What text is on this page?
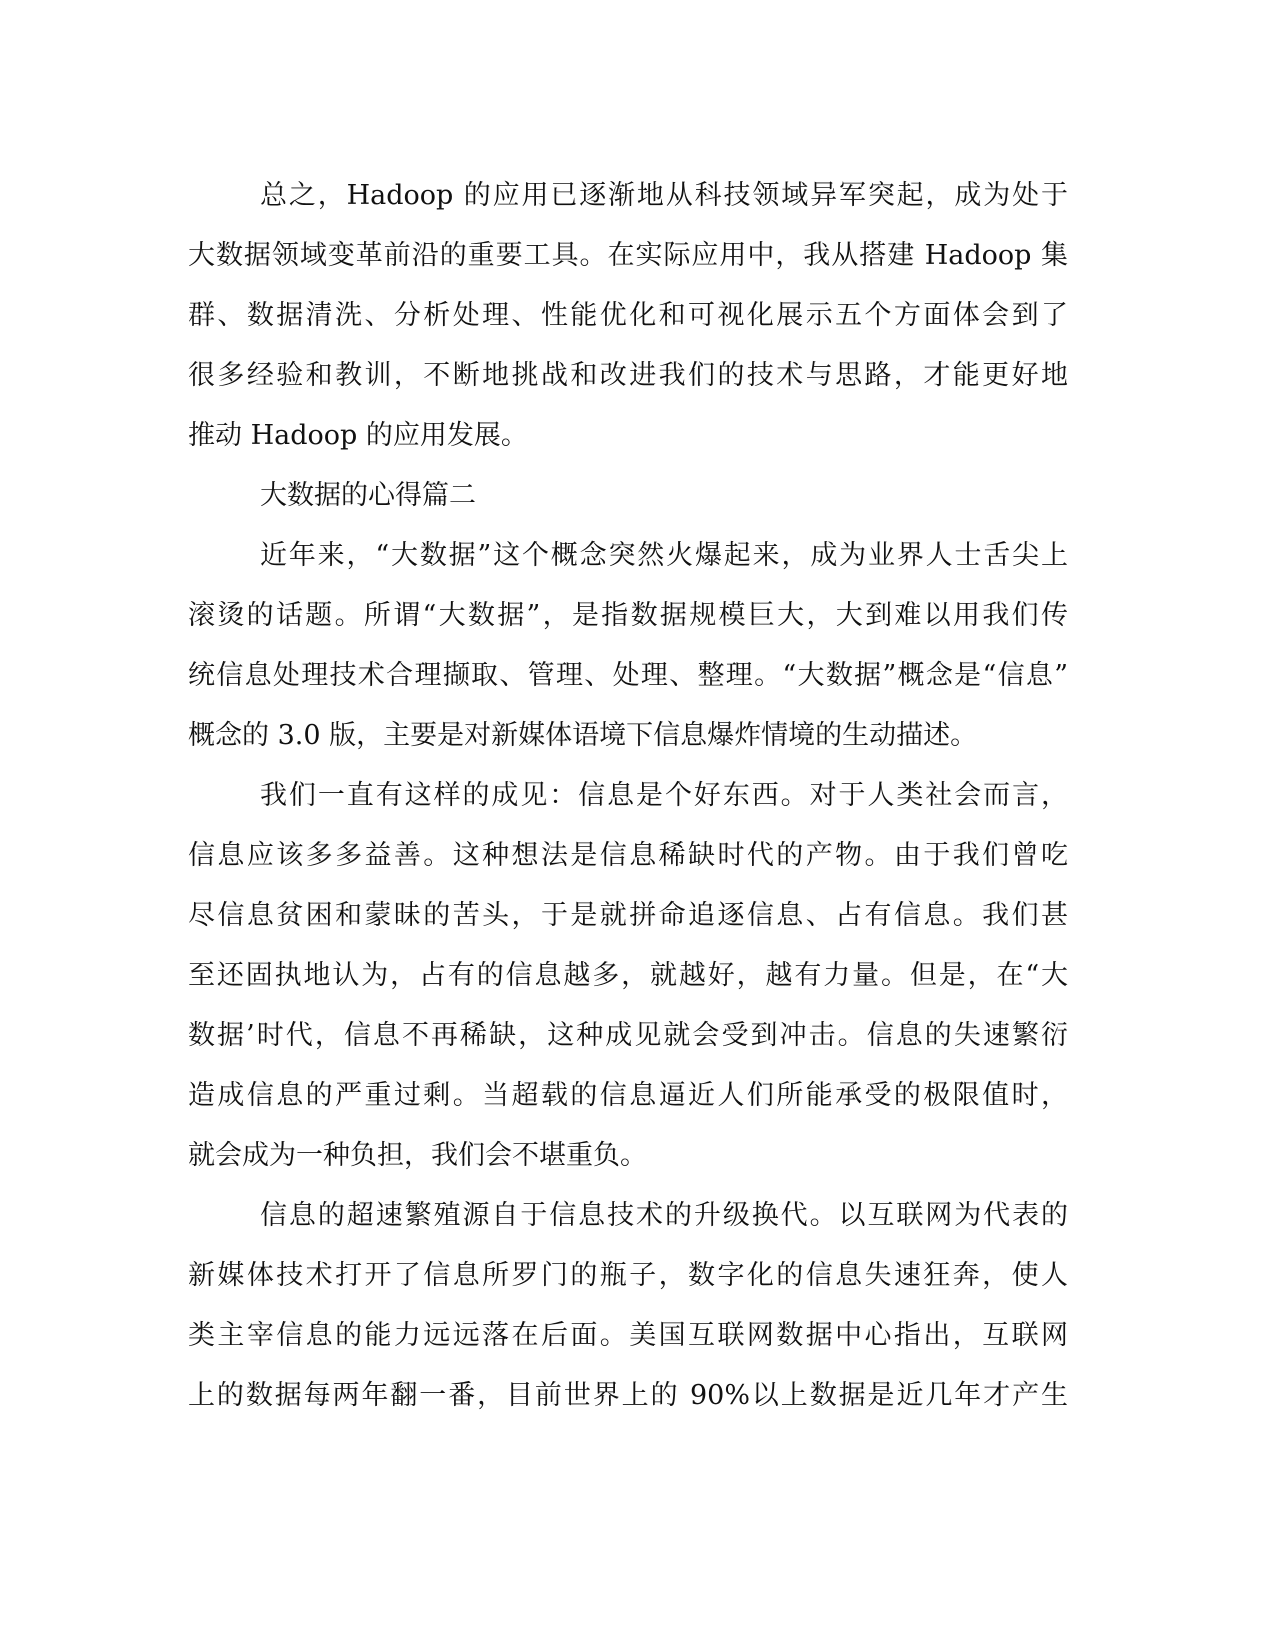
总之，Hadoop 的应用已逐渐地从科技领域异军突起，成为处于
大数据领域变革前沿的重要工具。在实际应用中，我从搭建 Hadoop 集
群、数据清洗、分析处理、性能优化和可视化展示五个方面体会到了
很多经验和教训，不断地挑战和改进我们的技术与思路，才能更好地
推动 Hadoop 的应用发展。
大数据的心得篇二
近年来，“大数据”这个概念突然火爆起来，成为业界人士舌尖上
滚烫的话题。所谓“大数据”，是指数据规模巨大，大到难以用我们传
统信息处理技术合理撷取、管理、处理、整理。“大数据”概念是“信息”
概念的 3.0 版，主要是对新媒体语境下信息爆炸情境的生动描述。
我们一直有这样的成见：信息是个好东西。对于人类社会而言，
信息应该多多益善。这种想法是信息稀缺时代的产物。由于我们曾吃
尽信息贫困和蒙昧的苦头，于是就拼命追逐信息、占有信息。我们甚
至还固执地认为，占有的信息越多，就越好，越有力量。但是，在“大
数据’时代，信息不再稀缺，这种成见就会受到冲击。信息的失速繁衍
造成信息的严重过剩。当超载的信息逼近人们所能承受的极限值时，
就会成为一种负担，我们会不堪重负。
信息的超速繁殖源自于信息技术的升级换代。以互联网为代表的
新媒体技术打开了信息所罗门的瓶子，数字化的信息失速狂奔，使人
类主宰信息的能力远远落在后面。美国互联网数据中心指出，互联网
上的数据每两年翻一番，目前世界上的 90%以上数据是近几年才产生
